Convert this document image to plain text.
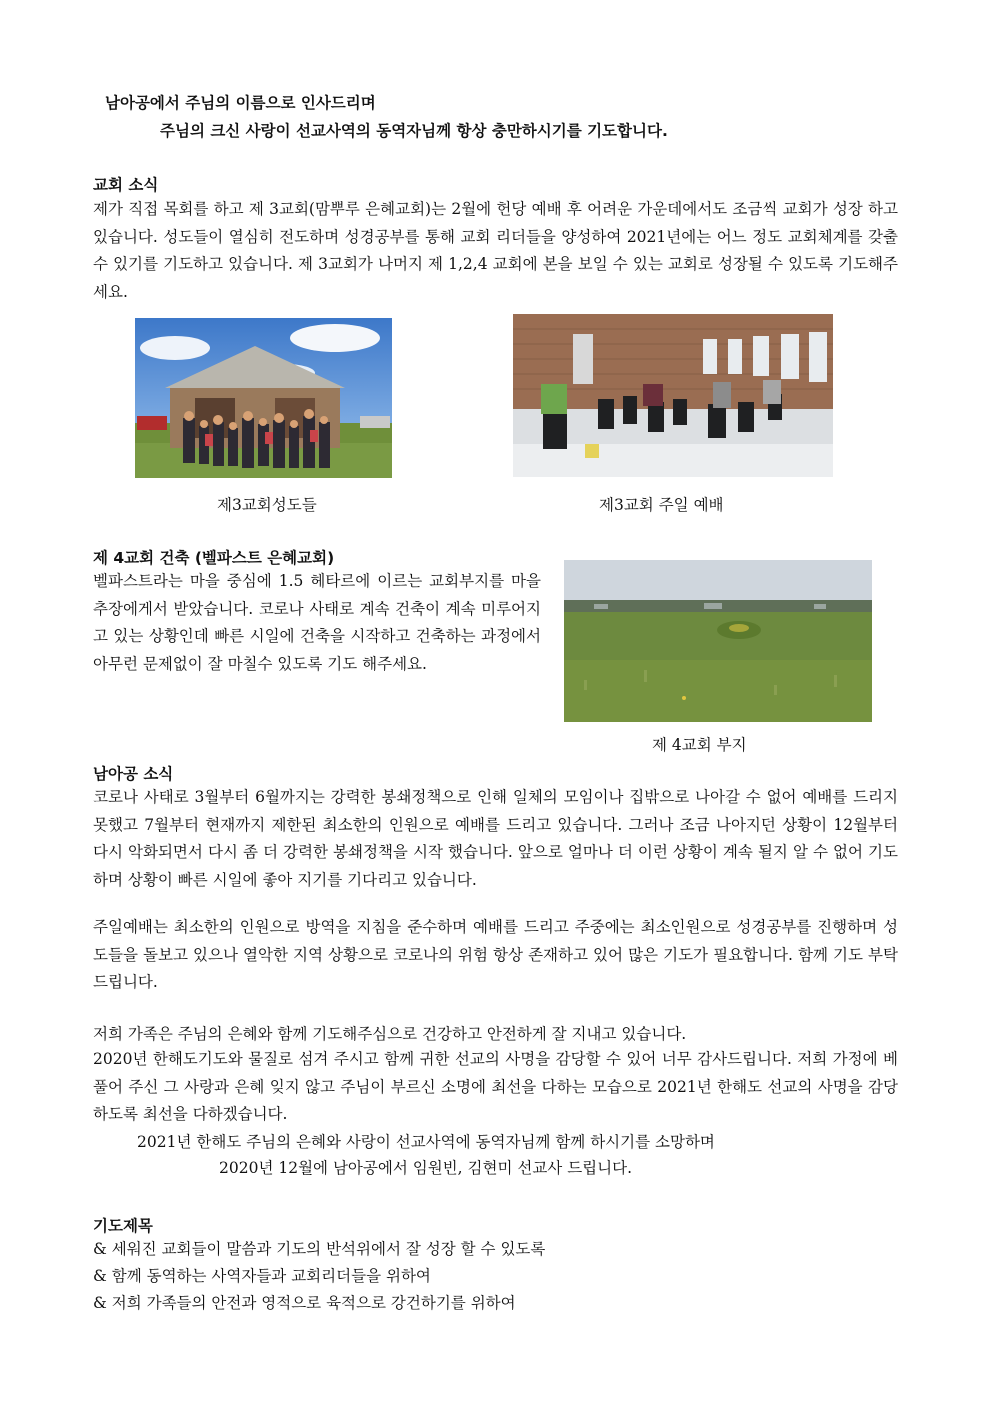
남아공에서 주님의 이름으로 인사드리며
주님의 크신 사랑이 선교사역의 동역자님께 항상 충만하시기를 기도합니다.
교회 소식
제가 직접 목회를 하고 제 3교회(맘뿌루 은혜교회)는 2월에 헌당 예배 후 어려운 가운데에서도 조금씩 교회가 성장 하고 있습니다. 성도들이 열심히 전도하며 성경공부를 통해 교회 리더들을 양성하여 2021년에는 어느 정도 교회체계를 갖출 수 있기를 기도하고 있습니다. 제 3교회가 나머지 제 1,2,4 교회에 본을 보일 수 있는 교회로 성장될 수 있도록 기도해주세요.
제3교회성도들	제3교회 주일 예배
제 4교회 건축 (벨파스트 은혜교회)
벨파스트라는 마을 중심에 1.5 헤타르에 이르는 교회부지를 마을 추장에게서 받았습니다. 코로나 사태로 계속 건축이 계속 미루어지고 있는 상황인데 빠른 시일에 건축을 시작하고 건축하는 과정에서 아무런 문제없이 잘 마칠수 있도록 기도 해주세요.
제 4교회 부지
남아공 소식
코로나 사태로 3월부터 6월까지는 강력한 봉쇄정책으로 인해 일체의 모임이나 집밖으로 나아갈 수 없어 예배를 드리지 못했고 7월부터 현재까지 제한된 최소한의 인원으로 예배를 드리고 있습니다. 그러나 조금 나아지던 상황이 12월부터 다시 악화되면서 다시 좀 더 강력한 봉쇄정책을 시작 했습니다. 앞으로 얼마나 더 이런 상황이 계속 될지 알 수 없어 기도하며 상황이 빠른 시일에 좋아 지기를 기다리고 있습니다.
주일예배는 최소한의 인원으로 방역을 지침을 준수하며 예배를 드리고 주중에는 최소인원으로 성경공부를 진행하며 성도들을 돌보고 있으나 열악한 지역 상황으로 코로나의 위험 항상 존재하고 있어 많은 기도가 필요합니다. 함께 기도 부탁드립니다.
저희 가족은 주님의 은혜와 함께 기도해주심으로 건강하고 안전하게 잘 지내고 있습니다.
2020년 한해도기도와 물질로 섬겨 주시고 함께 귀한 선교의 사명을 감당할 수 있어 너무 감사드립니다. 저희 가정에 베풀어 주신 그 사랑과 은혜 잊지 않고 주님이 부르신 소명에 최선을 다하는 모습으로 2021년 한해도 선교의 사명을 감당하도록 최선을 다하겠습니다.
2021년 한해도 주님의 은혜와 사랑이 선교사역에 동역자님께 함께 하시기를 소망하며
2020년 12월에 남아공에서 임원빈, 김현미 선교사 드립니다.
기도제목
& 세워진 교회들이 말씀과 기도의 반석위에서 잘 성장 할 수 있도록
& 함께 동역하는 사역자들과 교회리더들을 위하여
& 저희 가족들의 안전과 영적으로 육적으로 강건하기를 위하여
